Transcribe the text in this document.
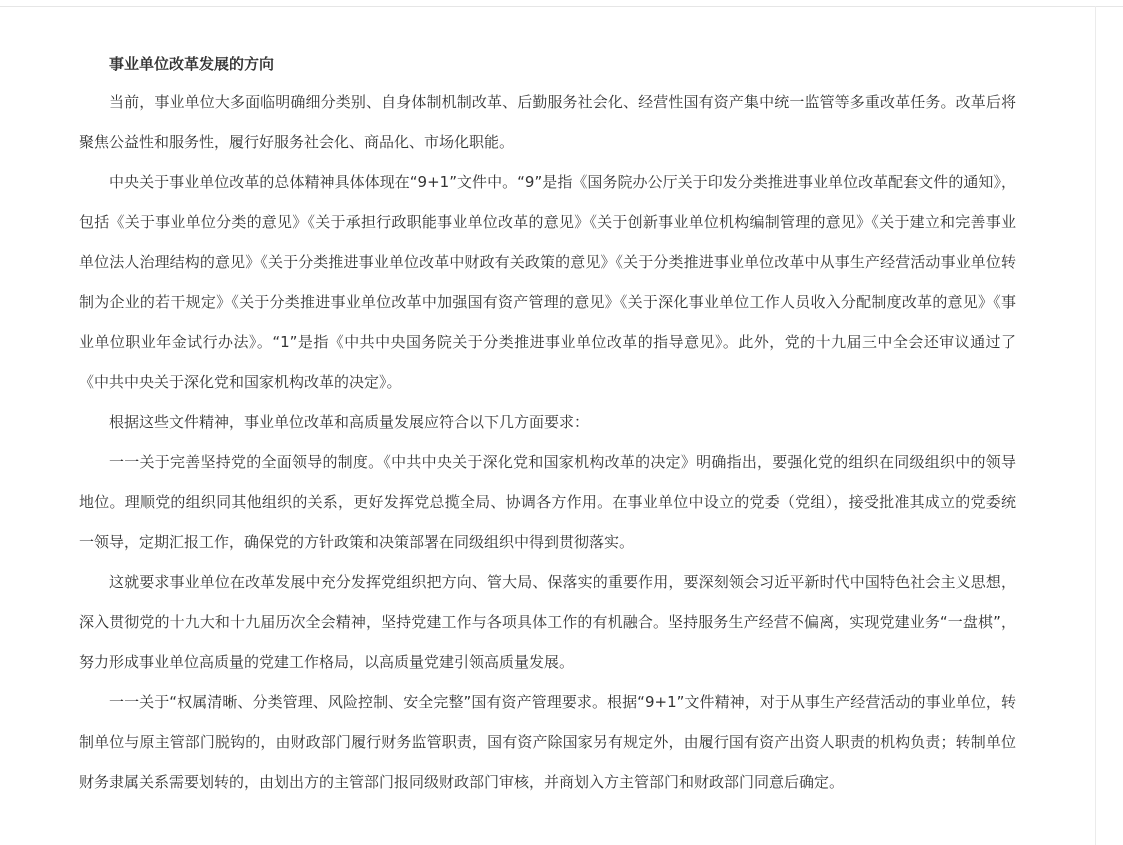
事业单位改革发展的方向

当前，事业单位大多面临明确细分类别、自身体制机制改革、后勤服务社会化、经营性国有资产集中统一监管等多重改革任务。改革后将聚焦公益性和服务性，履行好服务社会化、商品化、市场化职能。

中央关于事业单位改革的总体精神具体体现在“9+1”文件中。“9”是指《国务院办公厅关于印发分类推进事业单位改革配套文件的通知》，包括《关于事业单位分类的意见》《关于承担行政职能事业单位改革的意见》《关于创新事业单位机构编制管理的意见》《关于建立和完善事业单位法人治理结构的意见》《关于分类推进事业单位改革中财政有关政策的意见》《关于分类推进事业单位改革中从事生产经营活动事业单位转制为企业的若干规定》《关于分类推进事业单位改革中加强国有资产管理的意见》《关于深化事业单位工作人员收入分配制度改革的意见》《事业单位职业年金试行办法》。“1”是指《中共中央国务院关于分类推进事业单位改革的指导意见》。此外，党的十九届三中全会还审议通过了《中共中央关于深化党和国家机构改革的决定》。

根据这些文件精神，事业单位改革和高质量发展应符合以下几方面要求：

一一关于完善坚持党的全面领导的制度。《中共中央关于深化党和国家机构改革的决定》明确指出，要强化党的组织在同级组织中的领导地位。理顺党的组织同其他组织的关系，更好发挥党总揽全局、协调各方作用。在事业单位中设立的党委（党组），接受批准其成立的党委统一领导，定期汇报工作，确保党的方针政策和决策部署在同级组织中得到贯彻落实。

这就要求事业单位在改革发展中充分发挥党组织把方向、管大局、保落实的重要作用，要深刻领会习近平新时代中国特色社会主义思想，深入贯彻党的十九大和十九届历次全会精神，坚持党建工作与各项具体工作的有机融合。坚持服务生产经营不偏离，实现党建业务“一盘棋”，努力形成事业单位高质量的党建工作格局，以高质量党建引领高质量发展。

一一关于“权属清晰、分类管理、风险控制、安全完整”国有资产管理要求。根据“9+1”文件精神，对于从事生产经营活动的事业单位，转制单位与原主管部门脱钩的，由财政部门履行财务监管职责，国有资产除国家另有规定外，由履行国有资产出资人职责的机构负责；转制单位财务隶属关系需要划转的，由划出方的主管部门报同级财政部门审核，并商划入方主管部门和财政部门同意后确定。
